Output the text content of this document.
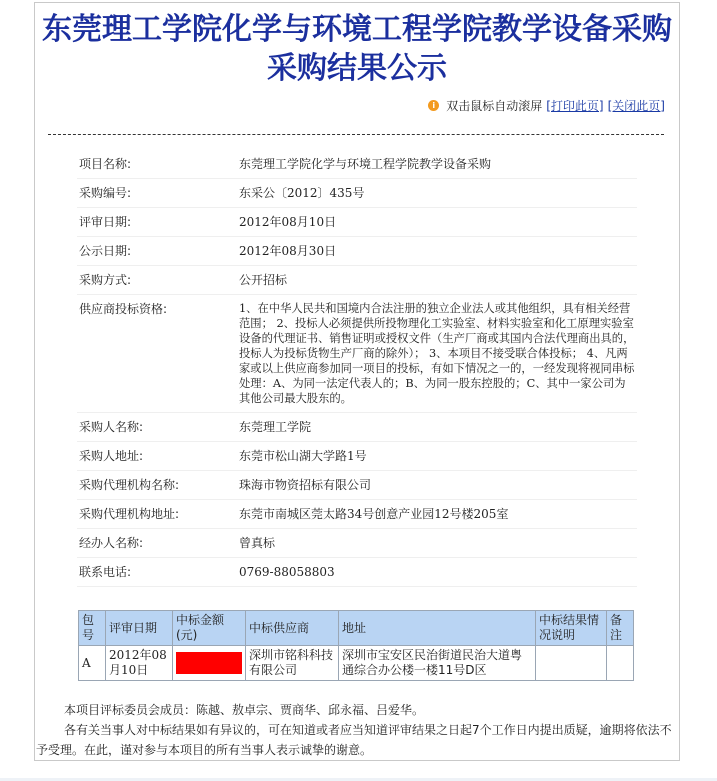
东莞理工学院化学与环境工程学院教学设备采购采购结果公示
i 双击鼠标自动滚屏 [打印此页] [关闭此页]
项目名称:	东莞理工学院化学与环境工程学院教学设备采购
采购编号:	东采公〔2012〕435号
评审日期:	2012年08月10日
公示日期:	2012年08月30日
采购方式:	公开招标
供应商投标资格:	1、在中华人民共和国境内合法注册的独立企业法人或其他组织，具有相关经营范围； 2、投标人必须提供所投物理化工实验室、材料实验室和化工原理实验室设备的代理证书、销售证明或授权文件（生产厂商或其国内合法代理商出具的，投标人为投标货物生产厂商的除外）； 3、本项目不接受联合体投标； 4、凡两家或以上供应商参加同一项目的投标，有如下情况之一的，一经发现将视同串标处理：A、为同一法定代表人的；B、为同一股东控股的；C、其中一家公司为其他公司最大股东的。
采购人名称:	东莞理工学院
采购人地址:	东莞市松山湖大学路1号
采购代理机构名称:	珠海市物资招标有限公司
采购代理机构地址:	东莞市南城区莞太路34号创意产业园12号楼205室
经办人名称:	曾真标
联系电话:	0769-88058803
包号	评审日期	中标金额(元)	中标供应商	地址	中标结果情况说明	备注
A	2012年08月10日		深圳市铭科科技有限公司	深圳市宝安区民治街道民治大道粤通综合办公楼一楼11号D区		

本项目评标委员会成员：陈越、敖卓宗、贾商华、邱永福、吕爱华。

各有关当事人对中标结果如有异议的，可在知道或者应当知道评审结果之日起7个工作日内提出质疑，逾期将依法不予受理。在此，谨对参与本项目的所有当事人表示诚挚的谢意。
